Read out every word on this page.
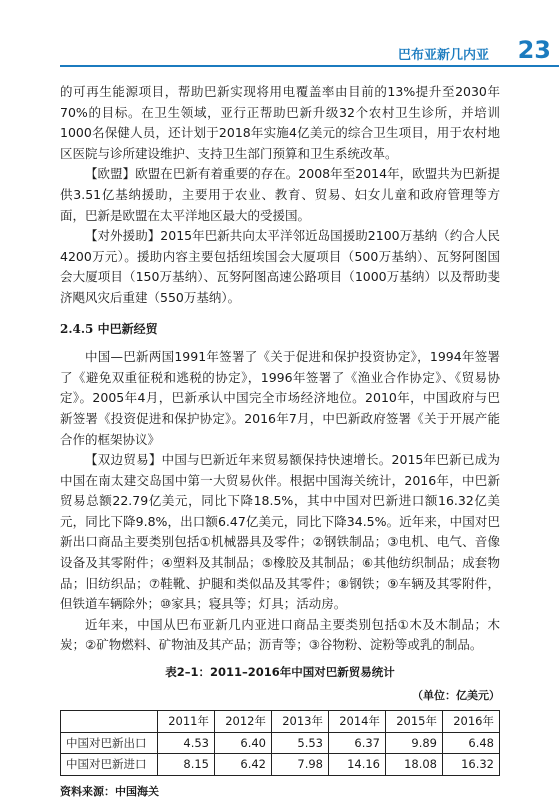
巴布亚新几内亚 23

的可再生能源项目，帮助巴新实现将用电覆盖率由目前的13%提升至2030年70%的目标。在卫生领域，亚行正帮助巴新升级32个农村卫生诊所，并培训1000名保健人员，还计划于2018年实施4亿美元的综合卫生项目，用于农村地区医院与诊所建设维护、支持卫生部门预算和卫生系统改革。

【欧盟】欧盟在巴新有着重要的存在。2008年至2014年，欧盟共为巴新提供3.51亿基纳援助，主要用于农业、教育、贸易、妇女儿童和政府管理等方面，巴新是欧盟在太平洋地区最大的受援国。

【对外援助】2015年巴新共向太平洋邻近岛国援助2100万基纳（约合人民4200万元）。援助内容主要包括纽埃国会大厦项目（500万基纳）、瓦努阿图国会大厦项目（150万基纳）、瓦努阿图高速公路项目（1000万基纳）以及帮助斐济飓风灾后重建（550万基纳）。

2.4.5 中巴新经贸

中国—巴新两国1991年签署了《关于促进和保护投资协定》，1994年签署了《避免双重征税和逃税的协定》，1996年签署了《渔业合作协定》、《贸易协定》。2005年4月，巴新承认中国完全市场经济地位。2010年，中国政府与巴新签署《投资促进和保护协定》。2016年7月，中巴新政府签署《关于开展产能合作的框架协议》

【双边贸易】中国与巴新近年来贸易额保持快速增长。2015年巴新已成为中国在南太建交岛国中第一大贸易伙伴。根据中国海关统计，2016年，中巴新贸易总额22.79亿美元，同比下降18.5%，其中中国对巴新进口额16.32亿美元，同比下降9.8%，出口额6.47亿美元，同比下降34.5%。近年来，中国对巴新出口商品主要类别包括①机械器具及零件；②钢铁制品；③电机、电气、音像设备及其零附件；④塑料及其制品；⑤橡胶及其制品；⑥其他纺织制品；成套物品；旧纺织品；⑦鞋靴、护腿和类似品及其零件；⑧钢铁；⑨车辆及其零附件，但铁道车辆除外；⑩家具；寝具等；灯具；活动房。

近年来，中国从巴布亚新几内亚进口商品主要类别包括①木及木制品；木炭；②矿物燃料、矿物油及其产品；沥青等；③谷物粉、淀粉等或乳的制品。

表2–1：2011–2016年中国对巴新贸易统计
（单位：亿美元）
	2011年	2012年	2013年	2014年	2015年	2016年
中国对巴新出口	4.53	6.40	5.53	6.37	9.89	6.48
中国对巴新进口	8.15	6.42	7.98	14.16	18.08	16.32
资料来源：中国海关
